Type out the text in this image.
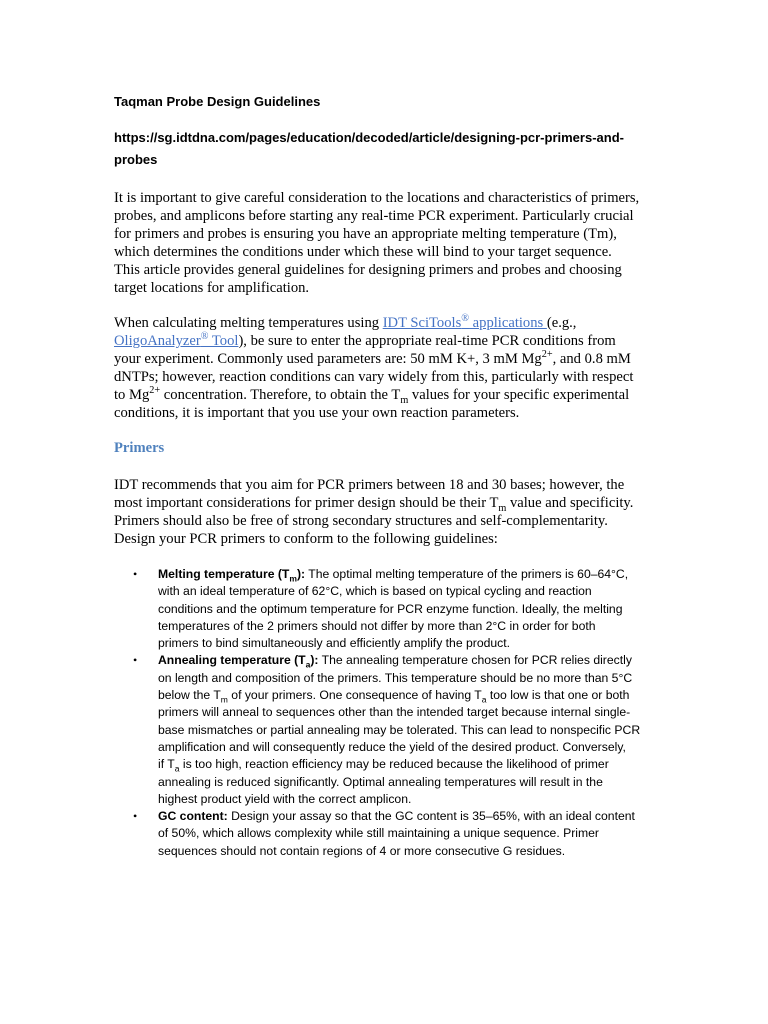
Taqman Probe Design Guidelines
https://sg.idtdna.com/pages/education/decoded/article/designing-pcr-primers-and-
probes
It is important to give careful consideration to the locations and characteristics of primers,
probes, and amplicons before starting any real-time PCR experiment. Particularly crucial
for primers and probes is ensuring you have an appropriate melting temperature (Tm),
which determines the conditions under which these will bind to your target sequence.
This article provides general guidelines for designing primers and probes and choosing
target locations for amplification.
When calculating melting temperatures using IDT SciTools® applications (e.g.,
OligoAnalyzer® Tool), be sure to enter the appropriate real-time PCR conditions from
your experiment. Commonly used parameters are: 50 mM K+, 3 mM $Mg^{2+}$, and 0.8 mM
dNTPs; however, reaction conditions can vary widely from this, particularly with respect
to $Mg^{2+}$ concentration. Therefore, to obtain the $T_m$ values for your specific experimental
conditions, it is important that you use your own reaction parameters.
Primers
IDT recommends that you aim for PCR primers between 18 and 30 bases; however, the
most important considerations for primer design should be their $T_m$ value and specificity.
Primers should also be free of strong secondary structures and self-complementarity.
Design your PCR primers to conform to the following guidelines:
• Melting temperature $(T_m)$: The optimal melting temperature of the primers is 60–64°C,
with an ideal temperature of 62°C, which is based on typical cycling and reaction
conditions and the optimum temperature for PCR enzyme function. Ideally, the melting
temperatures of the 2 primers should not differ by more than 2°C in order for both
primers to bind simultaneously and efficiently amplify the product.
• Annealing temperature $(T_a)$: The annealing temperature chosen for PCR relies directly
on length and composition of the primers. This temperature should be no more than 5°C
below the $T_m$ of your primers. One consequence of having $T_a$ too low is that one or both
primers will anneal to sequences other than the intended target because internal single-
base mismatches or partial annealing may be tolerated. This can lead to nonspecific PCR
amplification and will consequently reduce the yield of the desired product. Conversely,
if $T_a$ is too high, reaction efficiency may be reduced because the likelihood of primer
annealing is reduced significantly. Optimal annealing temperatures will result in the
highest product yield with the correct amplicon.
• GC content: Design your assay so that the GC content is 35–65%, with an ideal content
of 50%, which allows complexity while still maintaining a unique sequence. Primer
sequences should not contain regions of 4 or more consecutive G residues.
